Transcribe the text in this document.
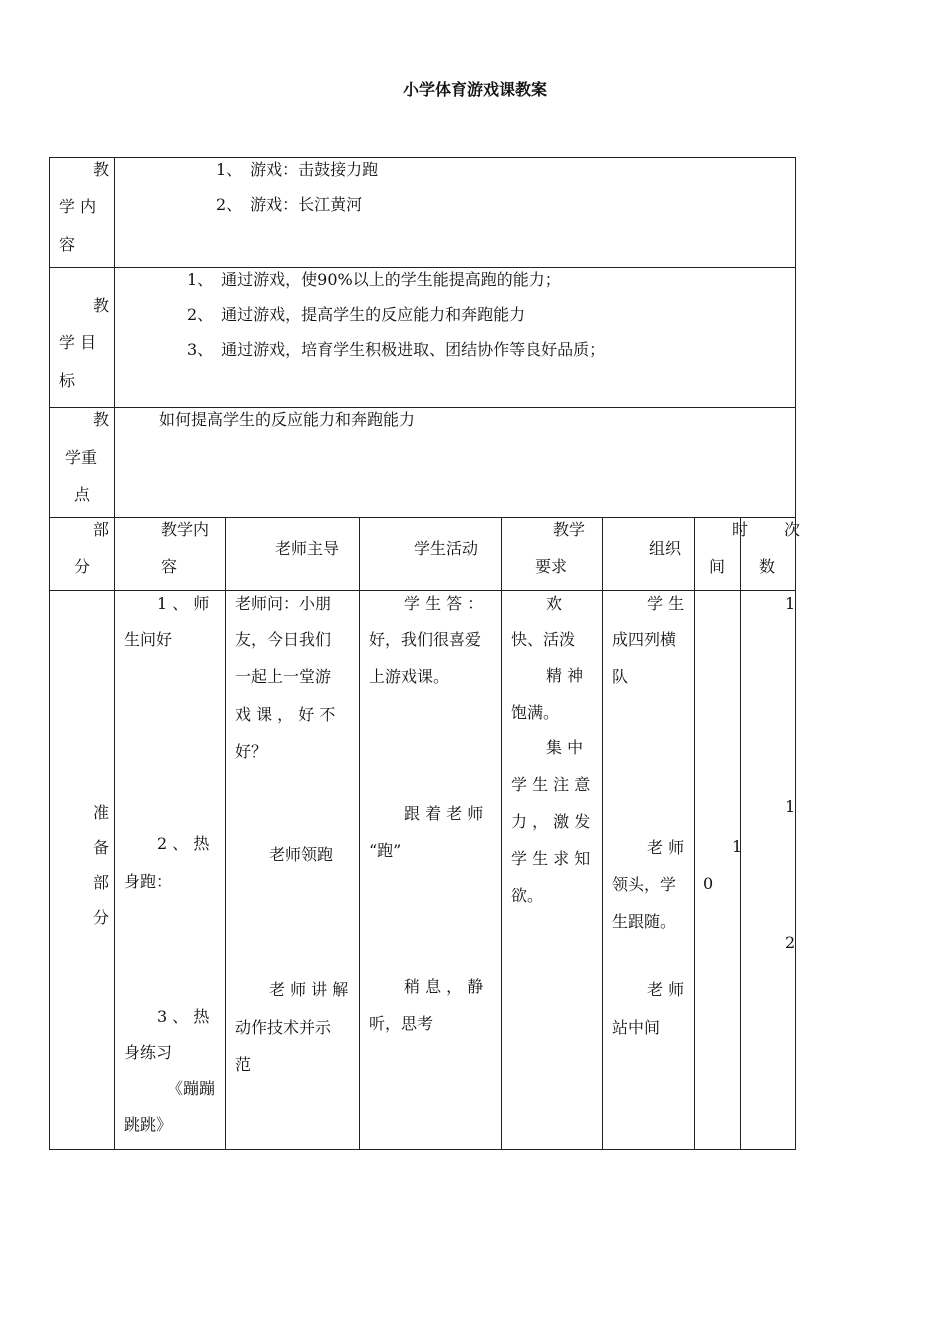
小学体育游戏课教案
教
学 内
容
1、　游戏：击鼓接力跑
2、　游戏：长江黄河
教
学 目
标
1、　通过游戏，使90%以上的学生能提高跑的能力；
2、　通过游戏，提高学生的反应能力和奔跑能力
3、　通过游戏，培育学生积极进取、团结协作等良好品质；
教
学重
点
如何提高学生的反应能力和奔跑能力
部
分
教学内
容
老师主导	学生活动
教学
要求
组织
时
间
次
数
准
备
部
分
1 、 师
生问好
2 、 热
身跑：
3 、 热
身练习
《蹦蹦
跳跳》
老师问：小朋
友，今日我们
一起上一堂游
戏 课 ， 好 不
好？
老师领跑
老 师 讲 解
动作技术并示
范
学 生 答 ：
好，我们很喜爱
上游戏课。
跟 着 老 师
“跑”
稍 息 ， 静
听，思考
欢
快、活泼
精 神
饱满。
集 中
学 生 注 意
力 ， 激 发
学 生 求 知
欲。
学 生
成四列横
队
老 师
领头，学
生跟随。
老 师
站中间
1
0
1
1
2
